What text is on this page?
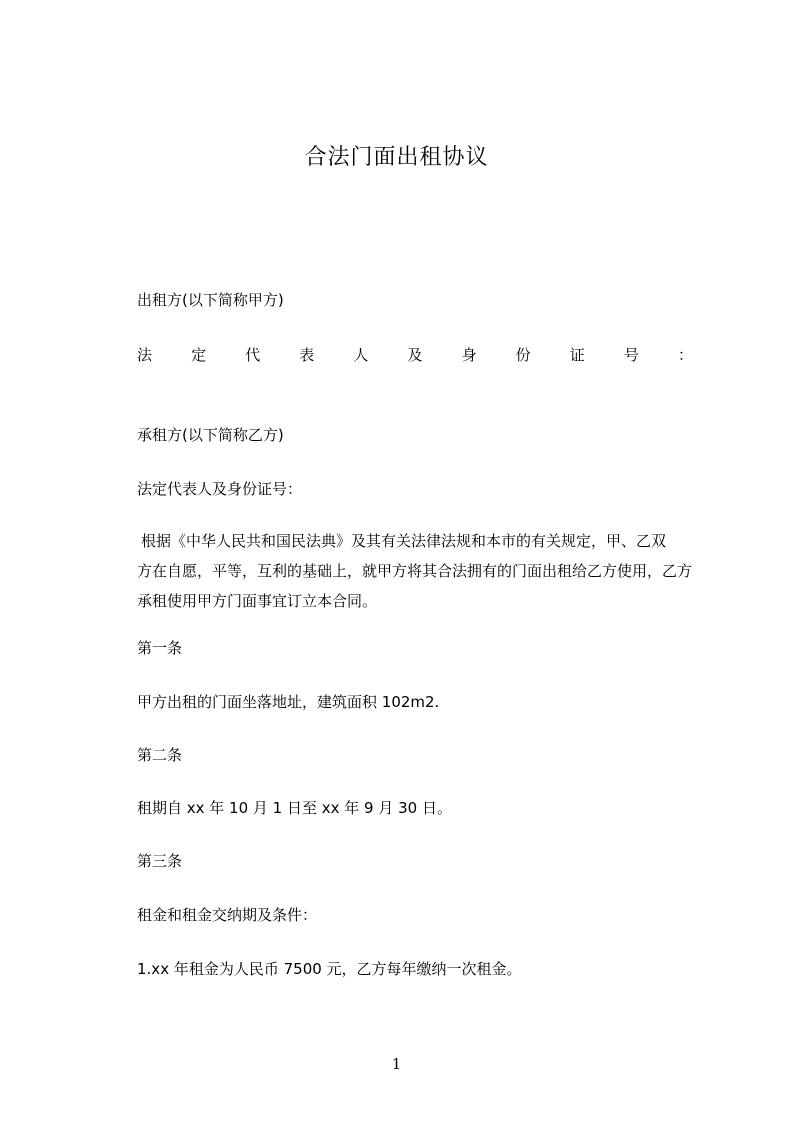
合法门面出租协议

出租方(以下简称甲方)

法	定	代	表	人	及	身	份	证	号	：

承租方(以下简称乙方)

法定代表人及身份证号：

根据《中华人民共和国民法典》及其有关法律法规和本市的有关规定，甲、乙双
方在自愿，平等，互利的基础上，就甲方将其合法拥有的门面出租给乙方使用，乙方
承租使用甲方门面事宜订立本合同。

第一条

甲方出租的门面坐落地址，建筑面积 102m2.

第二条

租期自 xx 年 10 月 1 日至 xx 年 9 月 30 日。

第三条

租金和租金交纳期及条件：

1.xx 年租金为人民币 7500 元，乙方每年缴纳一次租金。

1
